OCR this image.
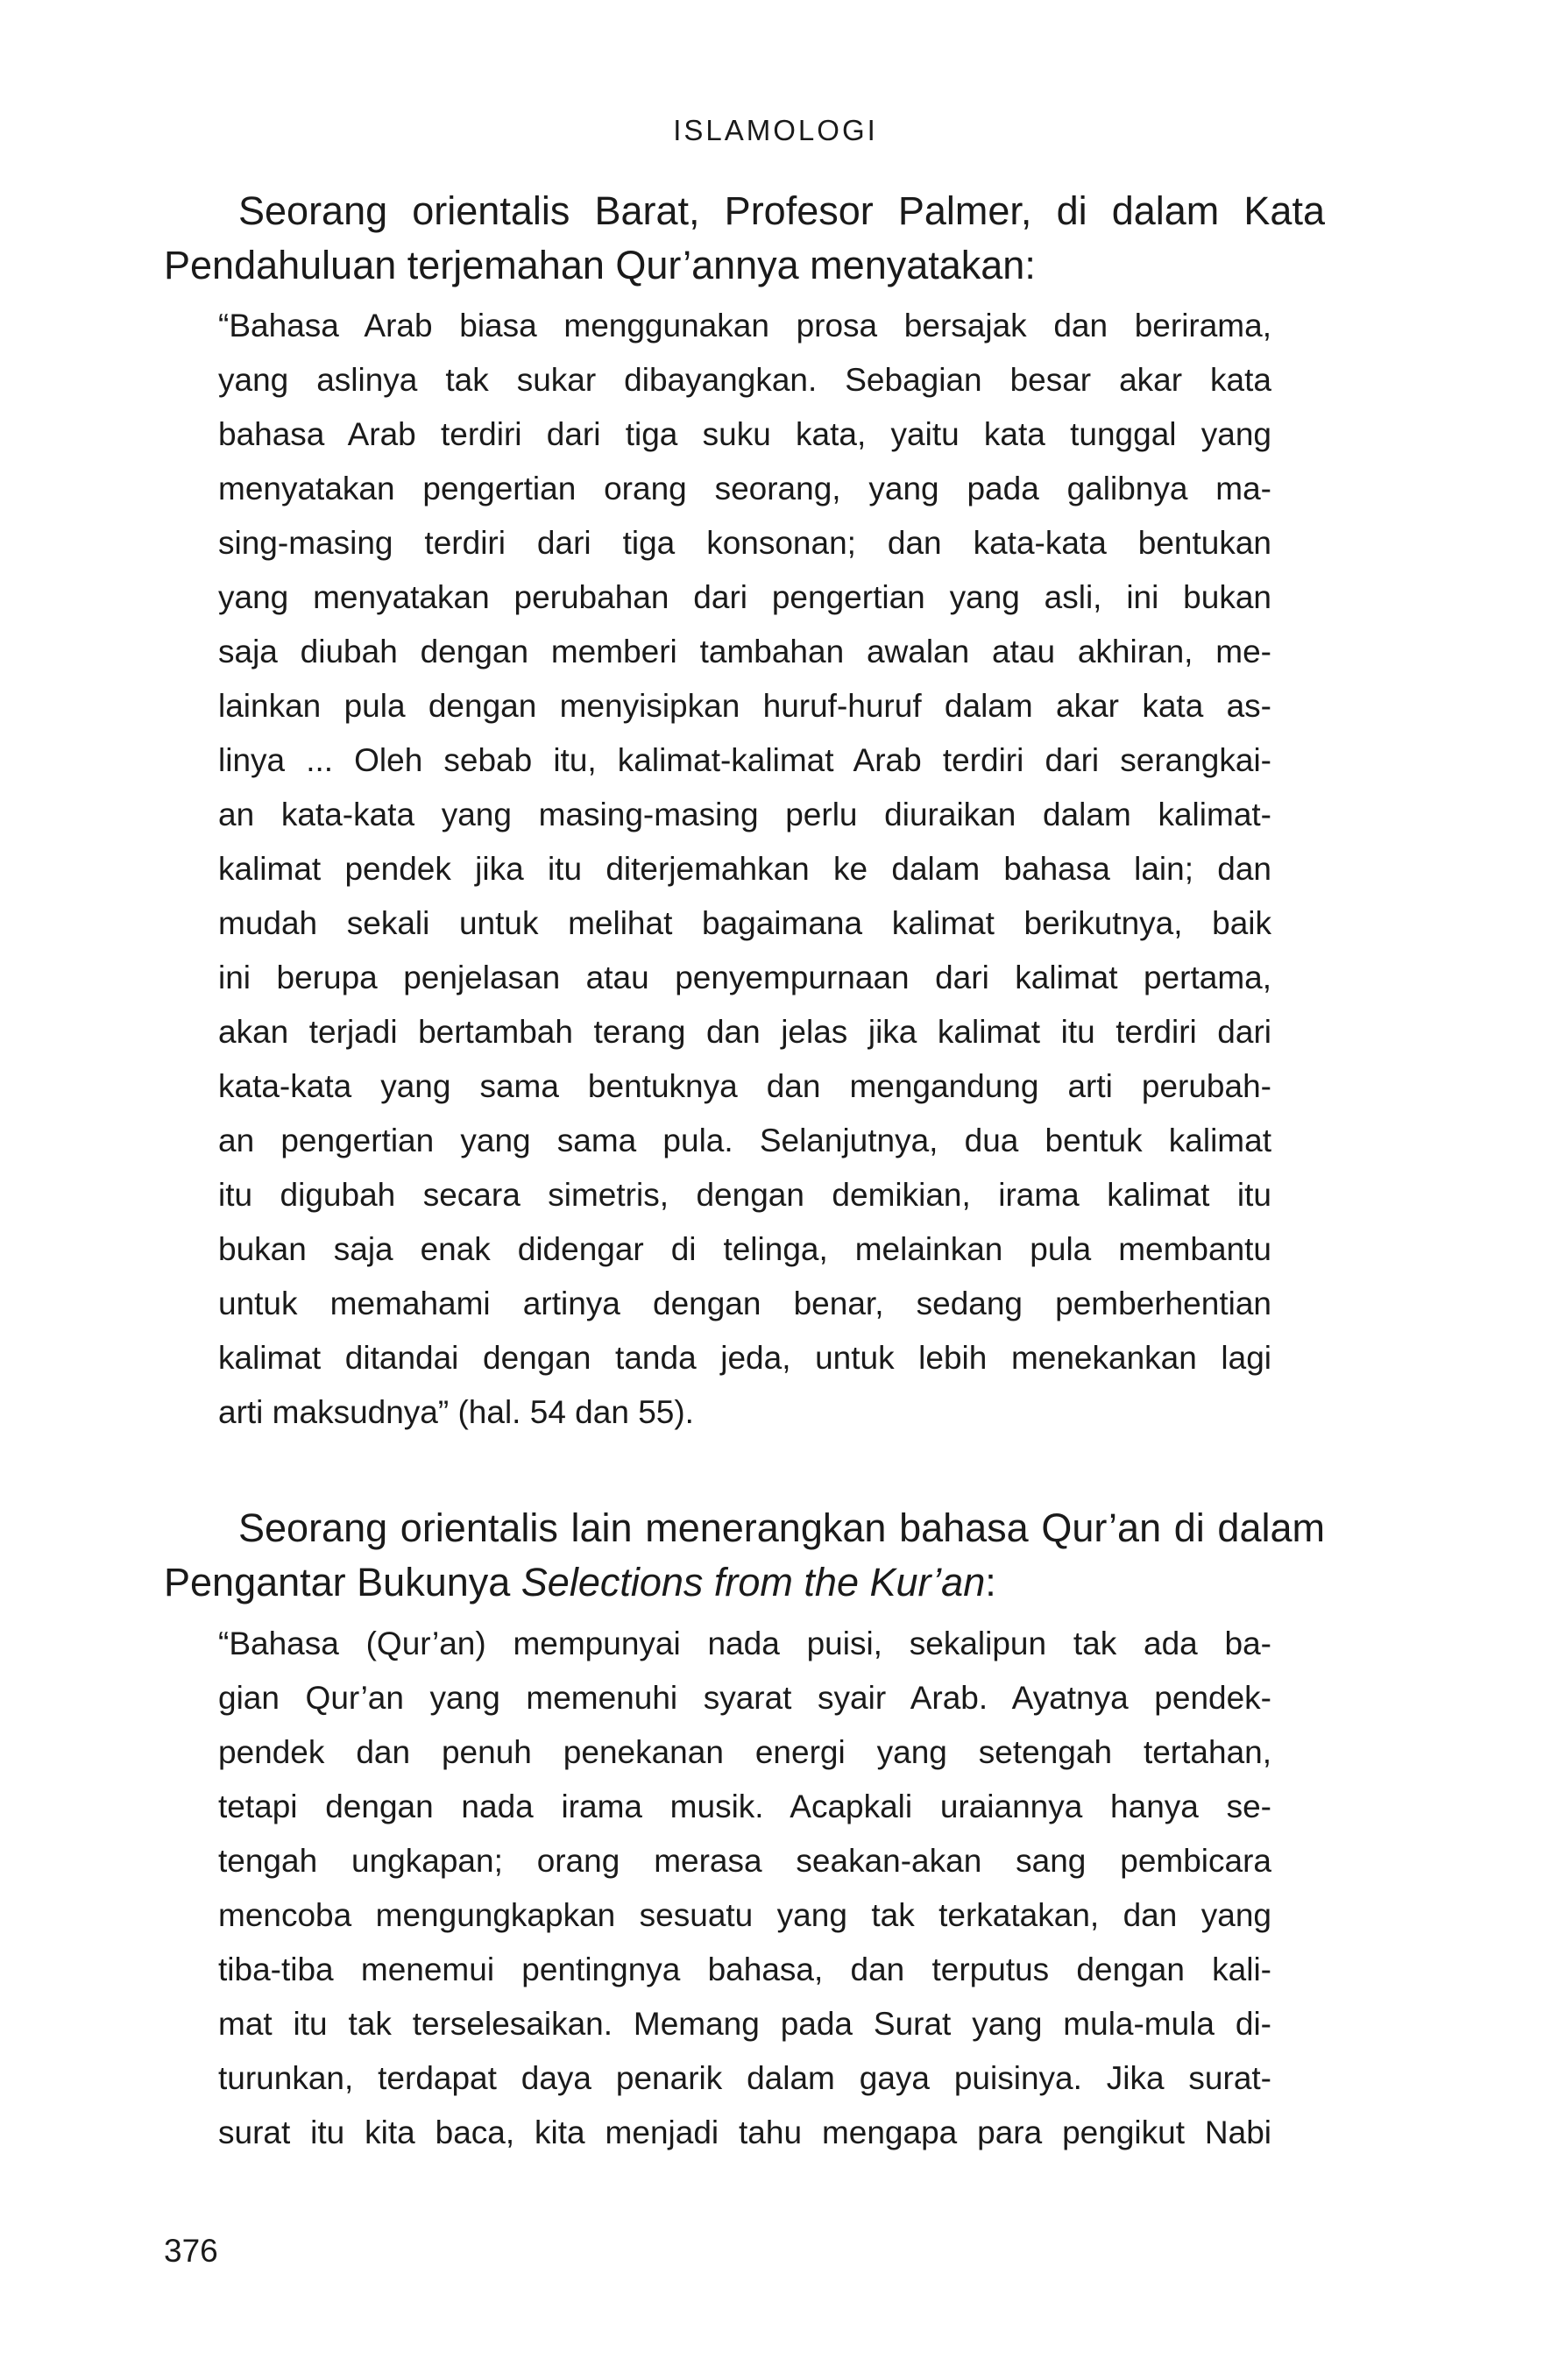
ISLAMOLOGI
Seorang orientalis Barat, Profesor Palmer, di dalam Kata
Pendahuluan terjemahan Qur’annya menyatakan:
“Bahasa Arab biasa menggunakan prosa bersajak dan berirama,
yang aslinya tak sukar dibayangkan. Sebagian besar akar kata
bahasa Arab terdiri dari tiga suku kata, yaitu kata tunggal yang
menyatakan pengertian orang seorang, yang pada galibnya ma-
sing-masing terdiri dari tiga konsonan; dan kata-kata bentukan
yang menyatakan perubahan dari pengertian yang asli, ini bukan
saja diubah dengan memberi tambahan awalan atau akhiran, me-
lainkan pula dengan menyisipkan huruf-huruf dalam akar kata as-
linya ... Oleh sebab itu, kalimat-kalimat Arab terdiri dari serangkai-
an kata-kata yang masing-masing perlu diuraikan dalam kalimat-
kalimat pendek jika itu diterjemahkan ke dalam bahasa lain; dan
mudah sekali untuk melihat bagaimana kalimat berikutnya, baik
ini berupa penjelasan atau penyempurnaan dari kalimat pertama,
akan terjadi bertambah terang dan jelas jika kalimat itu terdiri dari
kata-kata yang sama bentuknya dan mengandung arti perubah-
an pengertian yang sama pula. Selanjutnya, dua bentuk kalimat
itu digubah secara simetris, dengan demikian, irama kalimat itu
bukan saja enak didengar di telinga, melainkan pula membantu
untuk memahami artinya dengan benar, sedang pemberhentian
kalimat ditandai dengan tanda jeda, untuk lebih menekankan lagi
arti maksudnya” (hal. 54 dan 55).
Seorang orientalis lain menerangkan bahasa Qur’an di dalam
Pengantar Bukunya Selections from the Kur’an:
“Bahasa (Qur’an) mempunyai nada puisi, sekalipun tak ada ba-
gian Qur’an yang memenuhi syarat syair Arab. Ayatnya pendek-
pendek dan penuh penekanan energi yang setengah tertahan,
tetapi dengan nada irama musik. Acapkali uraiannya hanya se-
tengah ungkapan; orang merasa seakan-akan sang pembicara
mencoba mengungkapkan sesuatu yang tak terkatakan, dan yang
tiba-tiba menemui pentingnya bahasa, dan terputus dengan kali-
mat itu tak terselesaikan. Memang pada Surat yang mula-mula di-
turunkan, terdapat daya penarik dalam gaya puisinya. Jika surat-
surat itu kita baca, kita menjadi tahu mengapa para pengikut Nabi
376
